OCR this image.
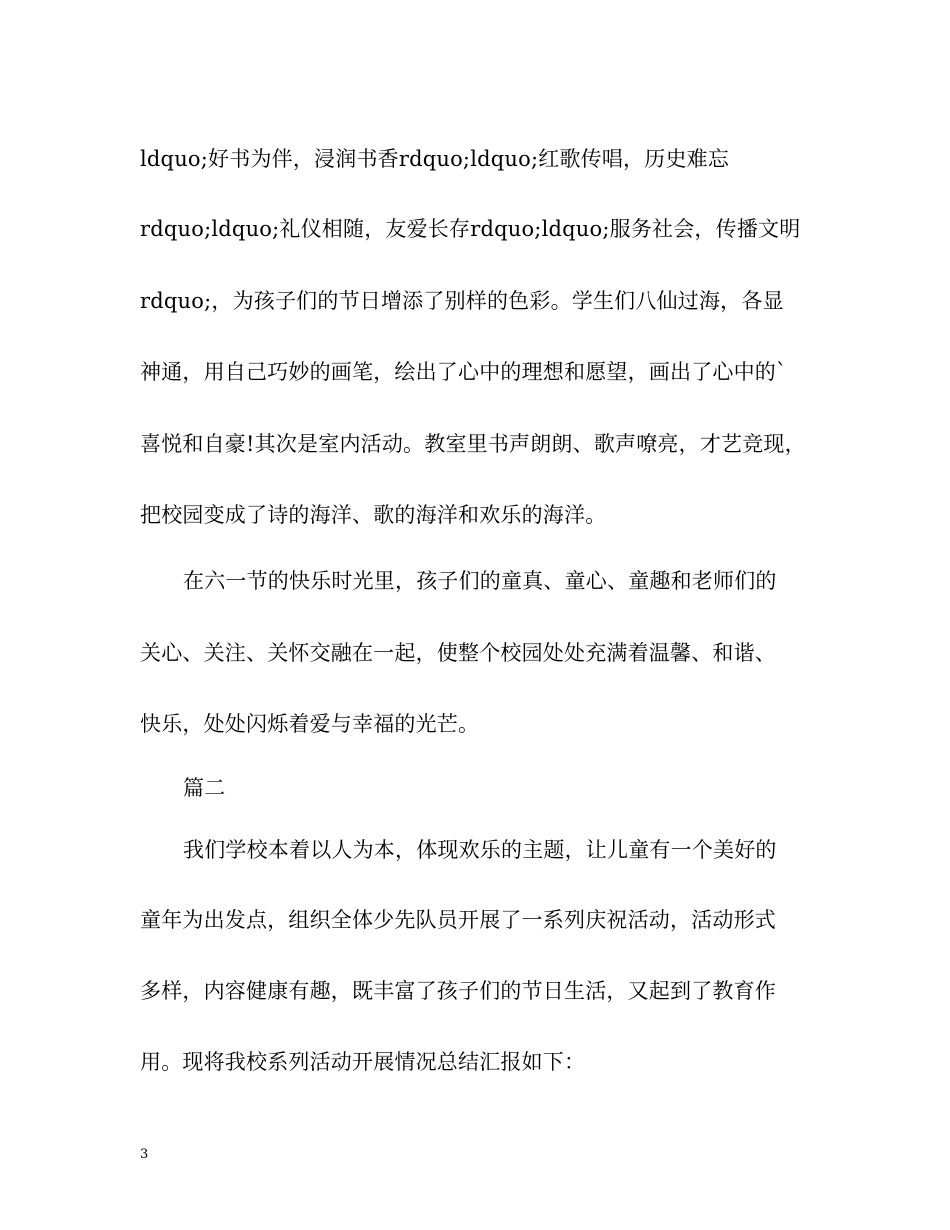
ldquo;好书为伴，浸润书香rdquo;ldquo;红歌传唱，历史难忘
rdquo;ldquo;礼仪相随，友爱长存rdquo;ldquo;服务社会，传播文明
rdquo;，为孩子们的节日增添了别样的色彩。学生们八仙过海，各显
神通，用自己巧妙的画笔，绘出了心中的理想和愿望，画出了心中的`
喜悦和自豪!其次是室内活动。教室里书声朗朗、歌声嘹亮，才艺竞现，
把校园变成了诗的海洋、歌的海洋和欢乐的海洋。
在六一节的快乐时光里，孩子们的童真、童心、童趣和老师们的
关心、关注、关怀交融在一起，使整个校园处处充满着温馨、和谐、
快乐，处处闪烁着爱与幸福的光芒。
篇二
我们学校本着以人为本，体现欢乐的主题，让儿童有一个美好的
童年为出发点，组织全体少先队员开展了一系列庆祝活动，活动形式
多样，内容健康有趣，既丰富了孩子们的节日生活，又起到了教育作
用。现将我校系列活动开展情况总结汇报如下：
3
